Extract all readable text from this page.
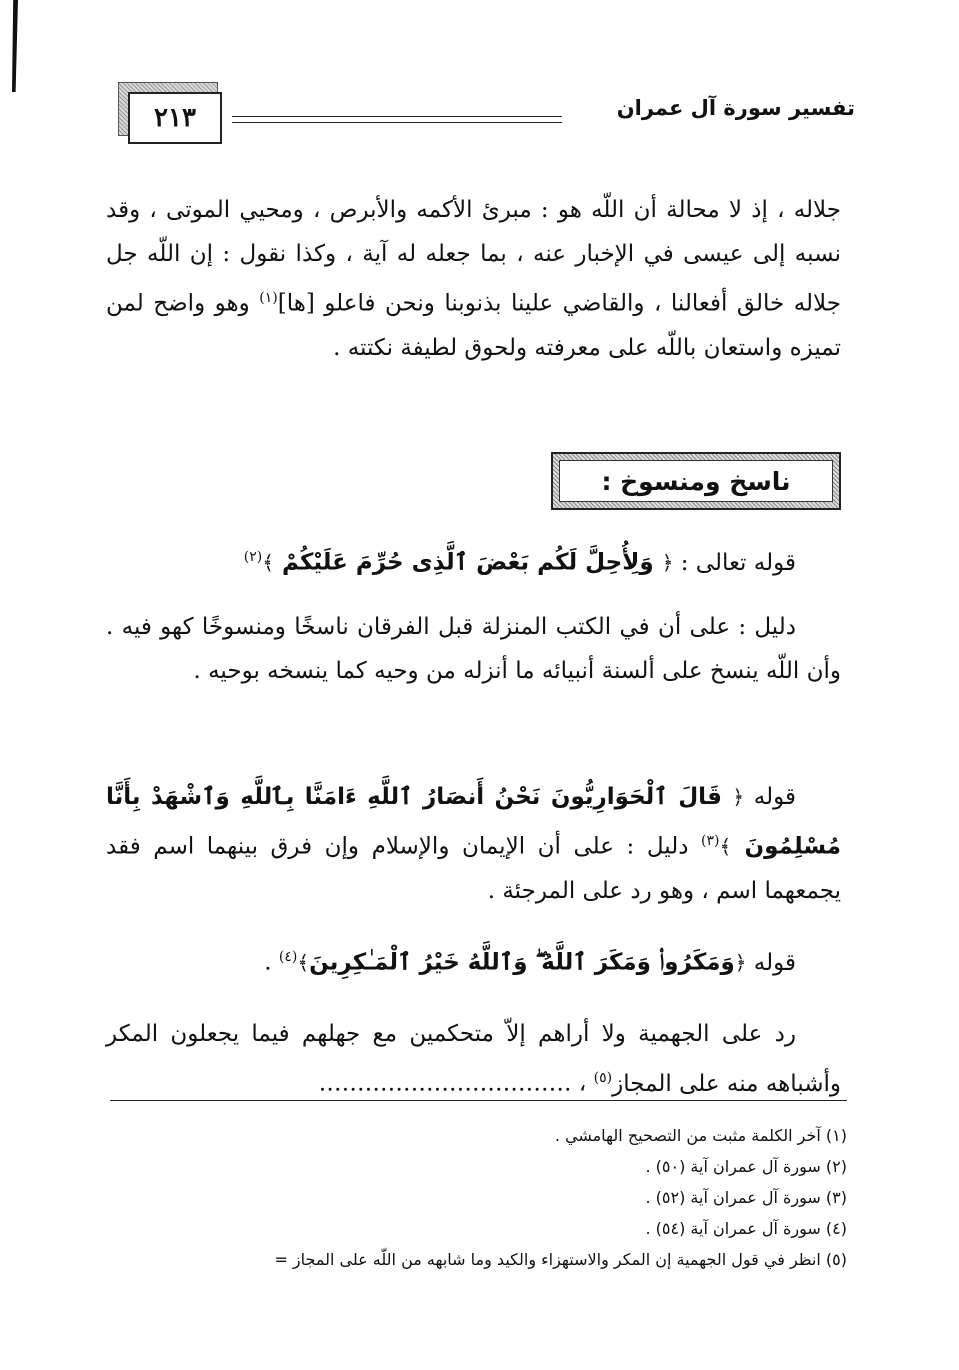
٢١٣	تفسير سورة آل عمران
جلاله ، إذ لا محالة أن اللّه هو : مبرئ الأكمه والأبرص ، ومحيي الموتى ، وقد نسبه إلى عيسى في الإخبار عنه ، بما جعله له آية ، وكذا نقول : إن اللّه جل جلاله خالق أفعالنا ، والقاضي علينا بذنوبنا ونحن فاعلو [ها]$^{(١)}$ وهو واضح لمن تميزه واستعان باللّه على معرفته ولحوق لطيفة نكتته .
ناسخ ومنسوخ :
قوله تعالى : ﴿ وَلِأُحِلَّ لَكُم بَعْضَ ٱلَّذِى حُرِّمَ عَلَيْكُمْ ﴾$^{(٢)}$
دليل : على أن في الكتب المنزلة قبل الفرقان ناسخًا ومنسوخًا كهو فيه . وأن اللّه ينسخ على ألسنة أنبيائه ما أنزله من وحيه كما ينسخه بوحيه .
قوله ﴿ قَالَ ٱلْحَوَارِيُّونَ نَحْنُ أَنصَارُ ٱللَّهِ ءَامَنَّا بِٱللَّهِ وَٱشْهَدْ بِأَنَّا مُسْلِمُونَ ﴾$^{(٣)}$ دليل : على أن الإيمان والإسلام وإن فرق بينهما اسم فقد يجمعهما اسم ، وهو رد على المرجئة .
قوله ﴿وَمَكَرُوا۟ وَمَكَرَ ٱللَّهُ ۖ وَٱللَّهُ خَيْرُ ٱلْمَـٰكِرِينَ﴾$^{(٤)}$ .
رد على الجهمية ولا أراهم إلاّ متحكمين مع جهلهم فيما يجعلون المكر وأشباهه منه على المجاز$^{(٥)}$ ، ……………………………
(١) آخر الكلمة مثبت من التصحيح الهامشي .
(٢) سورة آل عمران آية (٥٠) .
(٣) سورة آل عمران آية (٥٢) .
(٤) سورة آل عمران آية (٥٤) .
(٥) انظر في قول الجهمية إن المكر والاستهزاء والكيد وما شابهه من اللّه على المجاز =
